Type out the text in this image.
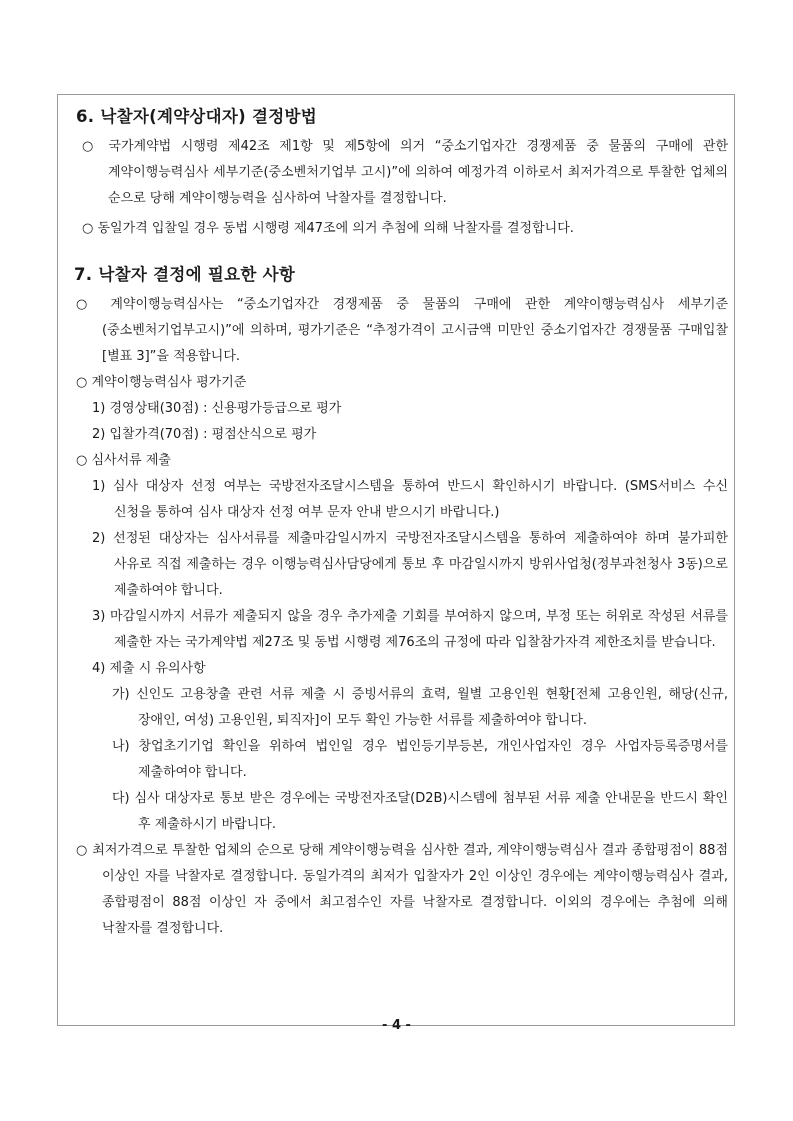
6. 낙찰자(계약상대자) 결정방법
○ 국가계약법 시행령 제42조 제1항 및 제5항에 의거 “중소기업자간 경쟁제품 중 물품의 구매에 관한 계약이행능력심사 세부기준(중소벤처기업부 고시)”에 의하여 예정가격 이하로서 최저가격으로 투찰한 업체의 순으로 당해 계약이행능력을 심사하여 낙찰자를 결정합니다.
○ 동일가격 입찰일 경우 동법 시행령 제47조에 의거 추첨에 의해 낙찰자를 결정합니다.
7. 낙찰자 결정에 필요한 사항
○ 계약이행능력심사는 “중소기업자간 경쟁제품 중 물품의 구매에 관한 계약이행능력심사 세부기준(중소벤처기업부고시)”에 의하며, 평가기준은 “추정가격이 고시금액 미만인 중소기업자간 경쟁물품 구매입찰 [별표 3]”을 적용합니다.
○ 계약이행능력심사 평가기준
1) 경영상태(30점) : 신용평가등급으로 평가
2) 입찰가격(70점) : 평점산식으로 평가
○ 심사서류 제출
1) 심사 대상자 선정 여부는 국방전자조달시스템을 통하여 반드시 확인하시기 바랍니다. (SMS서비스 수신 신청을 통하여 심사 대상자 선정 여부 문자 안내 받으시기 바랍니다.)
2) 선정된 대상자는 심사서류를 제출마감일시까지 국방전자조달시스템을 통하여 제출하여야 하며 불가피한 사유로 직접 제출하는 경우 이행능력심사담당에게 통보 후 마감일시까지 방위사업청(정부과천청사 3동)으로 제출하여야 합니다.
3) 마감일시까지 서류가 제출되지 않을 경우 추가제출 기회를 부여하지 않으며, 부정 또는 허위로 작성된 서류를 제출한 자는 국가계약법 제27조 및 동법 시행령 제76조의 규정에 따라 입찰참가자격 제한조치를 받습니다.
4) 제출 시 유의사항
가) 신인도 고용창출 관련 서류 제출 시 증빙서류의 효력, 월별 고용인원 현황[전체 고용인원, 해당(신규, 장애인, 여성) 고용인원, 퇴직자]이 모두 확인 가능한 서류를 제출하여야 합니다.
나) 창업초기기업 확인을 위하여 법인일 경우 법인등기부등본, 개인사업자인 경우 사업자등록증명서를 제출하여야 합니다.
다) 심사 대상자로 통보 받은 경우에는 국방전자조달(D2B)시스템에 첨부된 서류 제출 안내문을 반드시 확인 후 제출하시기 바랍니다.
○ 최저가격으로 투찰한 업체의 순으로 당해 계약이행능력을 심사한 결과, 계약이행능력심사 결과 종합평점이 88점 이상인 자를 낙찰자로 결정합니다. 동일가격의 최저가 입찰자가 2인 이상인 경우에는 계약이행능력심사 결과, 종합평점이 88점 이상인 자 중에서 최고점수인 자를 낙찰자로 결정합니다. 이외의 경우에는 추첨에 의해 낙찰자를 결정합니다.
- 4 -
